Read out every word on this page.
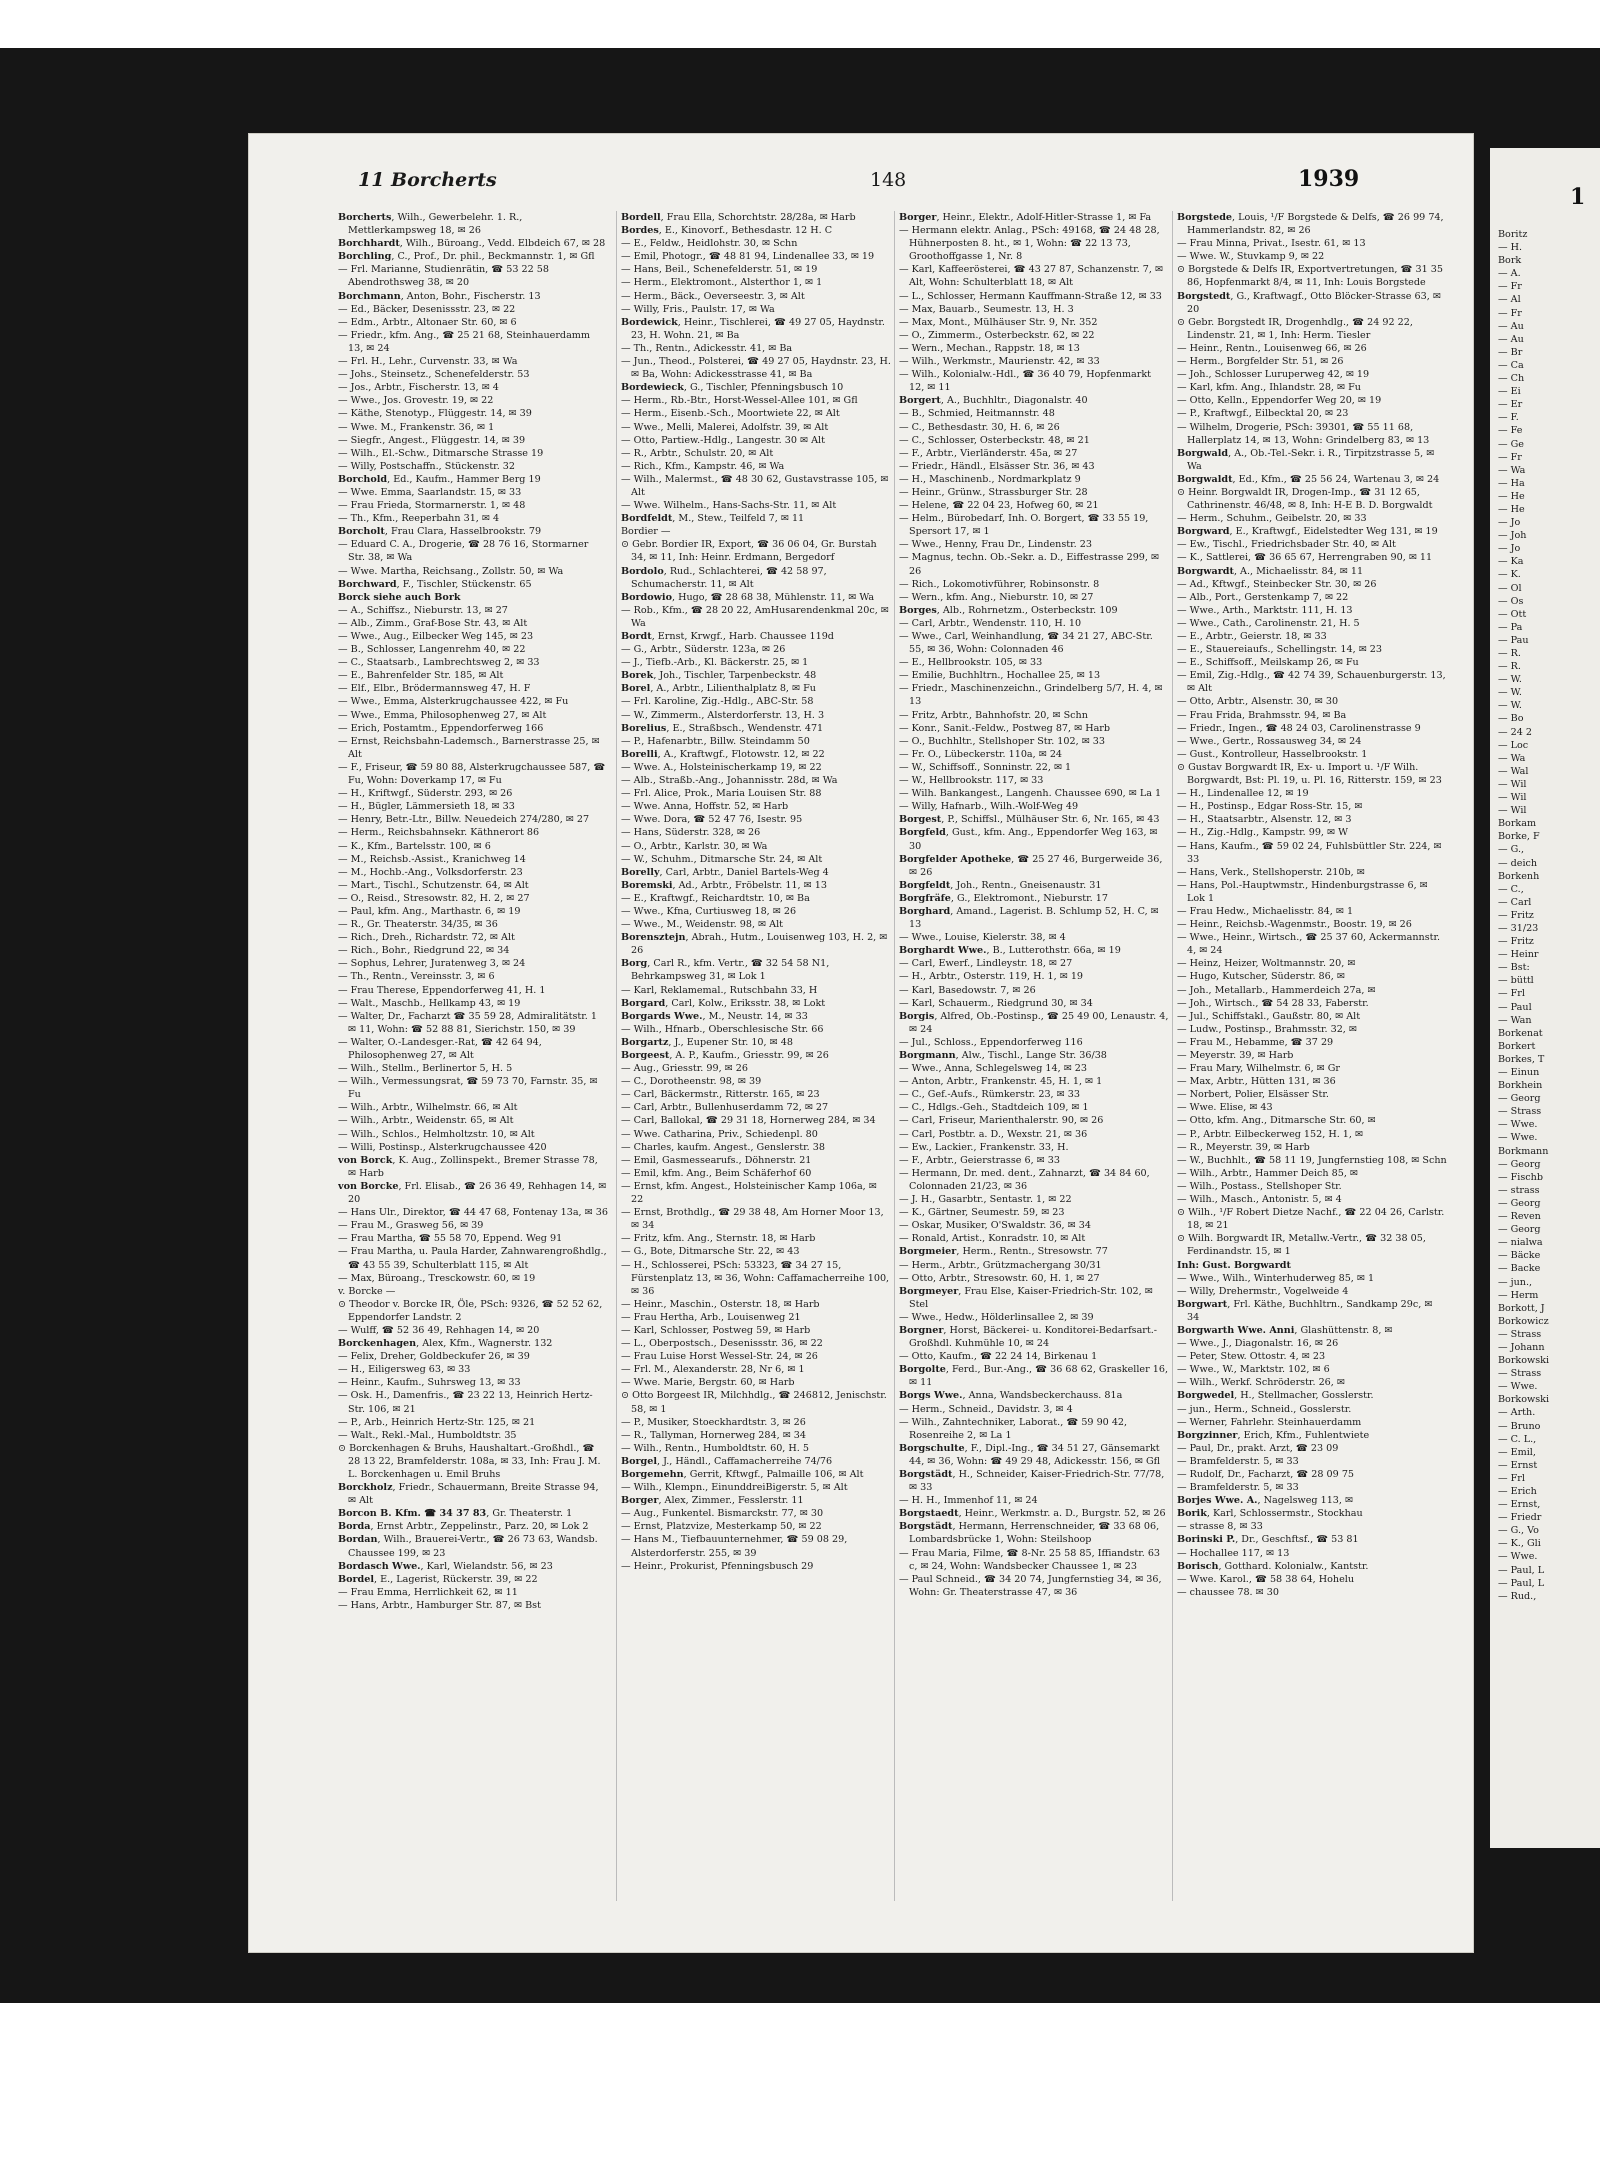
11 Borcherts	148	1939

Borcherts, Wilh., Gewerbelehr. 1. R., Mettlerkampsweg 18, ✉ 26

Borchhardt, Wilh., Büroang., Vedd. Elbdeich 67, ✉ 28

Borchling, C., Prof., Dr. phil., Beckmannstr. 1, ✉ Gfl

— Frl. Marianne, Studienrätin, ☎ 53 22 58 Abendrothsweg 38, ✉ 20

Borchmann, Anton, Bohr., Fischerstr. 13

— Ed., Bäcker, Desenissstr. 23, ✉ 22

— Edm., Arbtr., Altonaer Str. 60, ✉ 6

— Friedr., kfm. Ang., ☎ 25 21 68, Steinhauerdamm 13, ✉ 24

— Frl. H., Lehr., Curvenstr. 33, ✉ Wa

— Johs., Steinsetz., Schenefelderstr. 53

— Jos., Arbtr., Fischerstr. 13, ✉ 4

— Wwe., Jos. Grovestr. 19, ✉ 22

— Käthe, Stenotyp., Flüggestr. 14, ✉ 39

— Wwe. M., Frankenstr. 36, ✉ 1

— Siegfr., Angest., Flüggestr. 14, ✉ 39

— Wilh., El.-Schw., Ditmarsche Strasse 19

— Willy, Postschaffn., Stückenstr. 32

Borchold, Ed., Kaufm., Hammer Berg 19

— Wwe. Emma, Saarlandstr. 15, ✉ 33

— Frau Frieda, Stormarnerstr. 1, ✉ 48

— Th., Kfm., Reeperbahn 31, ✉ 4

Borcholt, Frau Clara, Hasselbrookstr. 79

— Eduard C. A., Drogerie, ☎ 28 76 16, Stormarner Str. 38, ✉ Wa

— Wwe. Martha, Reichsang., Zollstr. 50, ✉ Wa

Borchward, F., Tischler, Stückenstr. 65

Borck siehe auch Bork

— A., Schiffsz., Nieburstr. 13, ✉ 27

— Alb., Zimm., Graf-Bose Str. 43, ✉ Alt

— Wwe., Aug., Eilbecker Weg 145, ✉ 23

— B., Schlosser, Langenrehm 40, ✉ 22

— C., Staatsarb., Lambrechtsweg 2, ✉ 33

— E., Bahrenfelder Str. 185, ✉ Alt

— Elf., Elbr., Brödermannsweg 47, H. F

— Wwe., Emma, Alsterkrugchaussee 422, ✉ Fu

— Wwe., Emma, Philosophenweg 27, ✉ Alt

— Erich, Postamtm., Eppendorferweg 166

— Ernst, Reichsbahn-Lademsch., Barnerstrasse 25, ✉ Alt

— F., Friseur, ☎ 59 80 88, Alsterkrugchaussee 587, ☎ Fu, Wohn: Doverkamp 17, ✉ Fu

— H., Kriftwgf., Süderstr. 293, ✉ 26

— H., Bügler, Lämmersieth 18, ✉ 33

— Henry, Betr.-Ltr., Billw. Neuedeich 274/280, ✉ 27

— Herm., Reichsbahnsekr. Käthnerort 86

— K., Kfm., Bartelsstr. 100, ✉ 6

— M., Reichsb.-Assist., Kranichweg 14

— M., Hochb.-Ang., Volksdorferstr. 23

— Mart., Tischl., Schutzenstr. 64, ✉ Alt

— O., Reisd., Stresowstr. 82, H. 2, ✉ 27

— Paul, kfm. Ang., Marthastr. 6, ✉ 19

— R., Gr. Theaterstr. 34/35, ✉ 36

— Rich., Dreh., Richardstr. 72, ✉ Alt

— Rich., Bohr., Riedgrund 22, ✉ 34

— Sophus, Lehrer, Juratenweg 3, ✉ 24

— Th., Rentn., Vereinsstr. 3, ✉ 6

— Frau Therese, Eppendorferweg 41, H. 1

— Walt., Maschb., Hellkamp 43, ✉ 19

— Walter, Dr., Facharzt ☎ 35 59 28, Admiralitätstr. 1 ✉ 11, Wohn: ☎ 52 88 81, Sierichstr. 150, ✉ 39

— Walter, O.-Landesger.-Rat, ☎ 42 64 94, Philosophenweg 27, ✉ Alt

— Wilh., Stellm., Berlinertor 5, H. 5

— Wilh., Vermessungsrat, ☎ 59 73 70, Farnstr. 35, ✉ Fu

— Wilh., Arbtr., Wilhelmstr. 66, ✉ Alt

— Wilh., Arbtr., Weidenstr. 65, ✉ Alt

— Wilh., Schlos., Helmholtzstr. 10, ✉ Alt

— Willi, Postinsp., Alsterkrugchaussee 420

von Borck, K. Aug., Zollinspekt., Bremer Strasse 78, ✉ Harb

von Borcke, Frl. Elisab., ☎ 26 36 49, Rehhagen 14, ✉ 20

— Hans Ulr., Direktor, ☎ 44 47 68, Fontenay 13a, ✉ 36

— Frau M., Grasweg 56, ✉ 39

— Frau Martha, ☎ 55 58 70, Eppend. Weg 91

— Frau Martha, u. Paula Harder, Zahnwarengroßhdlg., ☎ 43 55 39, Schulterblatt 115, ✉ Alt

— Max, Büroang., Tresckowstr. 60, ✉ 19

v. Borcke —

⊙ Theodor v. Borcke IR, Öle, PSch: 9326, ☎ 52 52 62, Eppendorfer Landstr. 2

— Wulff, ☎ 52 36 49, Rehhagen 14, ✉ 20

Borckenhagen, Alex, Kfm., Wagnerstr. 132

— Felix, Dreher, Goldbeckufer 26, ✉ 39

— H., Eiligersweg 63, ✉ 33

— Heinr., Kaufm., Suhrsweg 13, ✉ 33

— Osk. H., Damenfris., ☎ 23 22 13, Heinrich Hertz-Str. 106, ✉ 21

— P., Arb., Heinrich Hertz-Str. 125, ✉ 21

— Walt., Rekl.-Mal., Humboldtstr. 35

⊙ Borckenhagen & Bruhs, Haushaltart.-Großhdl., ☎ 28 13 22, Bramfelderstr. 108a, ✉ 33, Inh: Frau J. M. L. Borckenhagen u. Emil Bruhs

Borckholz, Friedr., Schauermann, Breite Strasse 94, ✉ Alt

Borcon B. Kfm. ☎ 34 37 83, Gr. Theaterstr. 1

Borda, Ernst Arbtr., Zeppelinstr., Parz. 20, ✉ Lok 2

Bordan, Wilh., Brauerei-Vertr., ☎ 26 73 63, Wandsb. Chaussee 199, ✉ 23

Bordasch Wwe., Karl, Wielandstr. 56, ✉ 23

Bordel, E., Lagerist, Rückerstr. 39, ✉ 22

— Frau Emma, Herrlichkeit 62, ✉ 11

— Hans, Arbtr., Hamburger Str. 87, ✉ Bst

Bordell, Frau Ella, Schorchtstr. 28/28a, ✉ Harb

Bordes, E., Kinovorf., Bethesdastr. 12 H. C

— E., Feldw., Heidlohstr. 30, ✉ Schn

— Emil, Photogr., ☎ 48 81 94, Lindenallee 33, ✉ 19

— Hans, Beil., Schenefelderstr. 51, ✉ 19

— Herm., Elektromont., Alsterthor 1, ✉ 1

— Herm., Bäck., Oeverseestr. 3, ✉ Alt

— Willy, Fris., Paulstr. 17, ✉ Wa

Bordewick, Heinr., Tischlerei, ☎ 49 27 05, Haydnstr. 23, H. Wohn. 21, ✉ Ba

— Th., Rentn., Adickesstr. 41, ✉ Ba

— Jun., Theod., Polsterei, ☎ 49 27 05, Haydnstr. 23, H. ✉ Ba, Wohn: Adickesstrasse 41, ✉ Ba

Bordewieck, G., Tischler, Pfenningsbusch 10

— Herm., Rb.-Btr., Horst-Wessel-Allee 101, ✉ Gfl

— Herm., Eisenb.-Sch., Moortwiete 22, ✉ Alt

— Wwe., Melli, Malerei, Adolfstr. 39, ✉ Alt

— Otto, Partiew.-Hdlg., Langestr. 30 ✉ Alt

— R., Arbtr., Schulstr. 20, ✉ Alt

— Rich., Kfm., Kampstr. 46, ✉ Wa

— Wilh., Malermst., ☎ 48 30 62, Gustavstrasse 105, ✉ Alt

— Wwe. Wilhelm., Hans-Sachs-Str. 11, ✉ Alt

Bordfeldt, M., Stew., Teilfeld 7, ✉ 11

Bordier —

⊙ Gebr. Bordier IR, Export, ☎ 36 06 04, Gr. Burstah 34, ✉ 11, Inh: Heinr. Erdmann, Bergedorf

Bordolo, Rud., Schlachterei, ☎ 42 58 97, Schumacherstr. 11, ✉ Alt

Bordowio, Hugo, ☎ 28 68 38, Mühlenstr. 11, ✉ Wa

— Rob., Kfm., ☎ 28 20 22, AmHusarendenkmal 20c, ✉ Wa

Bordt, Ernst, Krwgf., Harb. Chaussee 119d

— G., Arbtr., Süderstr. 123a, ✉ 26

— J., Tiefb.-Arb., Kl. Bäckerstr. 25, ✉ 1

Borek, Joh., Tischler, Tarpenbeckstr. 48

Borel, A., Arbtr., Lilienthalplatz 8, ✉ Fu

— Frl. Karoline, Zig.-Hdlg., ABC-Str. 58

— W., Zimmerm., Alsterdorferstr. 13, H. 3

Borelius, E., Straßbsch., Wendenstr. 471

— P., Hafenarbtr., Billw. Steindamm 50

Borelli, A., Kraftwgf., Flotowstr. 12, ✉ 22

— Wwe. A., Holsteinischerkamp 19, ✉ 22

— Alb., Straßb.-Ang., Johannisstr. 28d, ✉ Wa

— Frl. Alice, Prok., Maria Louisen Str. 88

— Wwe. Anna, Hoffstr. 52, ✉ Harb

— Wwe. Dora, ☎ 52 47 76, Isestr. 95

— Hans, Süderstr. 328, ✉ 26

— O., Arbtr., Karlstr. 30, ✉ Wa

— W., Schuhm., Ditmarsche Str. 24, ✉ Alt

Borelly, Carl, Arbtr., Daniel Bartels-Weg 4

Boremski, Ad., Arbtr., Fröbelstr. 11, ✉ 13

— E., Kraftwgf., Reichardtstr. 10, ✉ Ba

— Wwe., Kfna, Curtiusweg 18, ✉ 26

— Wwe., M., Weidenstr. 98, ✉ Alt

Borensztejn, Abrah., Hutm., Louisenweg 103, H. 2, ✉ 26

Borg, Carl R., kfm. Vertr., ☎ 32 54 58 N1, Behrkampsweg 31, ✉ Lok 1

— Karl, Reklamemal., Rutschbahn 33, H

Borgard, Carl, Kolw., Eriksstr. 38, ✉ Lokt

Borgards Wwe., M., Neustr. 14, ✉ 33

— Wilh., Hfnarb., Oberschlesische Str. 66

Borgartz, J., Eupener Str. 10, ✉ 48

Borgeest, A. P., Kaufm., Griesstr. 99, ✉ 26

— Aug., Griesstr. 99, ✉ 26

— C., Dorotheenstr. 98, ✉ 39

— Carl, Bäckermstr., Ritterstr. 165, ✉ 23

— Carl, Arbtr., Bullenhuserdamm 72, ✉ 27

— Carl, Ballokal, ☎ 29 31 18, Hornerweg 284, ✉ 34

— Wwe. Catharina, Priv., Schiedenpl. 80

— Charles, kaufm. Angest., Genslerstr. 38

— Emil, Gasmessearufs., Döhnerstr. 21

— Emil, kfm. Ang., Beim Schäferhof 60

— Ernst, kfm. Angest., Holsteinischer Kamp 106a, ✉ 22

— Ernst, Brothdlg., ☎ 29 38 48, Am Horner Moor 13, ✉ 34

— Fritz, kfm. Ang., Sternstr. 18, ✉ Harb

— G., Bote, Ditmarsche Str. 22, ✉ 43

— H., Schlosserei, PSch: 53323, ☎ 34 27 15, Fürstenplatz 13, ✉ 36, Wohn: Caffamacherreihe 100, ✉ 36

— Heinr., Maschin., Osterstr. 18, ✉ Harb

— Frau Hertha, Arb., Louisenweg 21

— Karl, Schlosser, Postweg 59, ✉ Harb

— L., Oberpostsch., Desenissstr. 36, ✉ 22

— Frau Luise Horst Wessel-Str. 24, ✉ 26

— Frl. M., Alexanderstr. 28, Nr 6, ✉ 1

— Wwe. Marie, Bergstr. 60, ✉ Harb

⊙ Otto Borgeest IR, Milchhdlg., ☎ 246812, Jenischstr. 58, ✉ 1

— P., Musiker, Stoeckhardtstr. 3, ✉ 26

— R., Tallyman, Hornerweg 284, ✉ 34

— Wilh., Rentn., Humboldtstr. 60, H. 5

Borgel, J., Händl., Caffamacherreihe 74/76

Borgemehn, Gerrit, Kftwgf., Palmaille 106, ✉ Alt

— Wilh., Klempn., EinunddreiBigerstr. 5, ✉ Alt

Borger, Alex, Zimmer., Fesslerstr. 11

— Aug., Funkentel. Bismarckstr. 77, ✉ 30

— Ernst, Platzvize, Mesterkamp 50, ✉ 22

— Hans M., Tiefbauunternehmer, ☎ 59 08 29, Alsterdorferstr. 255, ✉ 39

— Heinr., Prokurist, Pfenningsbusch 29

Borger, Heinr., Elektr., Adolf-Hitler-Strasse 1, ✉ Fa

— Hermann elektr. Anlag., PSch: 49168, ☎ 24 48 28, Hühnerposten 8. ht., ✉ 1, Wohn: ☎ 22 13 73, Groothoffgasse 1, Nr. 8

— Karl, Kaffeerösterei, ☎ 43 27 87, Schanzenstr. 7, ✉ Alt, Wohn: Schulterblatt 18, ✉ Alt

— L., Schlosser, Hermann Kauffmann-Straße 12, ✉ 33

— Max, Bauarb., Seumestr. 13, H. 3

— Max, Mont., Mülhäuser Str. 9, Nr. 352

— O., Zimmerm., Osterbeckstr. 62, ✉ 22

— Wern., Mechan., Rappstr. 18, ✉ 13

— Wilh., Werkmstr., Maurienstr. 42, ✉ 33

— Wilh., Kolonialw.-Hdl., ☎ 36 40 79, Hopfenmarkt 12, ✉ 11

Borgert, A., Buchhltr., Diagonalstr. 40

— B., Schmied, Heitmannstr. 48

— C., Bethesdastr. 30, H. 6, ✉ 26

— C., Schlosser, Osterbeckstr. 48, ✉ 21

— F., Arbtr., Vierländerstr. 45a, ✉ 27

— Friedr., Händl., Elsässer Str. 36, ✉ 43

— H., Maschinenb., Nordmarkplatz 9

— Heinr., Grünw., Strassburger Str. 28

— Helene, ☎ 22 04 23, Hofweg 60, ✉ 21

— Helm., Bürobedarf, Inh. O. Borgert, ☎ 33 55 19, Spersort 17, ✉ 1

— Wwe., Henny, Frau Dr., Lindenstr. 23

— Magnus, techn. Ob.-Sekr. a. D., Eiffestrasse 299, ✉ 26

— Rich., Lokomotivführer, Robinsonstr. 8

— Wern., kfm. Ang., Nieburstr. 10, ✉ 27

Borges, Alb., Rohrnetzm., Osterbeckstr. 109

— Carl, Arbtr., Wendenstr. 110, H. 10

— Wwe., Carl, Weinhandlung, ☎ 34 21 27, ABC-Str. 55, ✉ 36, Wohn: Colonnaden 46

— E., Hellbrookstr. 105, ✉ 33

— Emilie, Buchhltrn., Hochallee 25, ✉ 13

— Friedr., Maschinenzeichn., Grindelberg 5/7, H. 4, ✉ 13

— Fritz, Arbtr., Bahnhofstr. 20, ✉ Schn

— Konr., Sanit.-Feldw., Postweg 87, ✉ Harb

— O., Buchhltr., Stellshoper Str. 102, ✉ 33

— Fr. O., Lübeckerstr. 110a, ✉ 24

— W., Schiffsoff., Sonninstr. 22, ✉ 1

— W., Hellbrookstr. 117, ✉ 33

— Wilh. Bankangest., Langenh. Chaussee 690, ✉ La 1

— Willy, Hafnarb., Wilh.-Wolf-Weg 49

Borgest, P., Schiffsl., Mülhäuser Str. 6, Nr. 165, ✉ 43

Borgfeld, Gust., kfm. Ang., Eppendorfer Weg 163, ✉ 30

Borgfelder Apotheke, ☎ 25 27 46, Burgerweide 36, ✉ 26

Borgfeldt, Joh., Rentn., Gneisenaustr. 31

Borgfräfe, G., Elektromont., Nieburstr. 17

Borghard, Amand., Lagerist. B. Schlump 52, H. C, ✉ 13

— Wwe., Louise, Kielerstr. 38, ✉ 4

Borghardt Wwe., B., Lutterothstr. 66a, ✉ 19

— Carl, Ewerf., Lindleystr. 18, ✉ 27

— H., Arbtr., Osterstr. 119, H. 1, ✉ 19

— Karl, Basedowstr. 7, ✉ 26

— Karl, Schauerm., Riedgrund 30, ✉ 34

Borgis, Alfred, Ob.-Postinsp., ☎ 25 49 00, Lenaustr. 4, ✉ 24

— Jul., Schloss., Eppendorferweg 116

Borgmann, Alw., Tischl., Lange Str. 36/38

— Wwe., Anna, Schlegelsweg 14, ✉ 23

— Anton, Arbtr., Frankenstr. 45, H. 1, ✉ 1

— C., Gef.-Aufs., Rümkerstr. 23, ✉ 33

— C., Hdlgs.-Geh., Stadtdeich 109, ✉ 1

— Carl, Friseur, Marienthalerstr. 90, ✉ 26

— Carl, Postbtr. a. D., Wexstr. 21, ✉ 36

— Ew., Lackier., Frankenstr. 33, H.

— F., Arbtr., Geierstrasse 6, ✉ 33

— Hermann, Dr. med. dent., Zahnarzt, ☎ 34 84 60, Colonnaden 21/23, ✉ 36

— J. H., Gasarbtr., Sentastr. 1, ✉ 22

— K., Gärtner, Seumestr. 59, ✉ 23

— Oskar, Musiker, O'Swaldstr. 36, ✉ 34

— Ronald, Artist., Konradstr. 10, ✉ Alt

Borgmeier, Herm., Rentn., Stresowstr. 77

— Herm., Arbtr., Grützmachergang 30/31

— Otto, Arbtr., Stresowstr. 60, H. 1, ✉ 27

Borgmeyer, Frau Else, Kaiser-Friedrich-Str. 102, ✉ Stel

— Wwe., Hedw., Hölderlinsallee 2, ✉ 39

Borgner, Horst, Bäckerei- u. Konditorei-Bedarfsart.-Großhdl. Kuhmühle 10, ✉ 24

— Otto, Kaufm., ☎ 22 24 14, Birkenau 1

Borgolte, Ferd., Bur.-Ang., ☎ 36 68 62, Graskeller 16, ✉ 11

Borgs Wwe., Anna, Wandsbeckerchauss. 81a

— Herm., Schneid., Davidstr. 3, ✉ 4

— Wilh., Zahntechniker, Laborat., ☎ 59 90 42, Rosenreihe 2, ✉ La 1

Borgschulte, F., Dipl.-Ing., ☎ 34 51 27, Gänsemarkt 44, ✉ 36, Wohn: ☎ 49 29 48, Adickesstr. 156, ✉ Gfl

Borgstädt, H., Schneider, Kaiser-Friedrich-Str. 77/78, ✉ 33

— H. H., Immenhof 11, ✉ 24

Borgstaedt, Heinr., Werkmstr. a. D., Burgstr. 52, ✉ 26

Borgstädt, Hermann, Herrenschneider, ☎ 33 68 06, Lombardsbrücke 1, Wohn: Steilshoop

— Frau Maria, Filme, ☎ 8-Nr. 25 58 85, Iffiandstr. 63 c, ✉ 24, Wohn: Wandsbecker Chaussee 1, ✉ 23

— Paul Schneid., ☎ 34 20 74, Jungfernstieg 34, ✉ 36, Wohn: Gr. Theaterstrasse 47, ✉ 36

Borgstede, Louis, ¹/F Borgstede & Delfs, ☎ 26 99 74, Hammerlandstr. 82, ✉ 26

— Frau Minna, Privat., Isestr. 61, ✉ 13

— Wwe. W., Stuvkamp 9, ✉ 22

⊙ Borgstede & Delfs IR, Exportvertretungen, ☎ 31 35 86, Hopfenmarkt 8/4, ✉ 11, Inh: Louis Borgstede

Borgstedt, G., Kraftwagf., Otto Blöcker-Strasse 63, ✉ 20

⊙ Gebr. Borgstedt IR, Drogenhdlg., ☎ 24 92 22, Lindenstr. 21, ✉ 1, Inh: Herm. Tiesler

— Heinr., Rentn., Louisenweg 66, ✉ 26

— Herm., Borgfelder Str. 51, ✉ 26

— Joh., Schlosser Luruperweg 42, ✉ 19

— Karl, kfm. Ang., Ihlandstr. 28, ✉ Fu

— Otto, Kelln., Eppendorfer Weg 20, ✉ 19

— P., Kraftwgf., Eilbecktal 20, ✉ 23

— Wilhelm, Drogerie, PSch: 39301, ☎ 55 11 68, Hallerplatz 14, ✉ 13, Wohn: Grindelberg 83, ✉ 13

Borgwald, A., Ob.-Tel.-Sekr. i. R., Tirpitzstrasse 5, ✉ Wa

Borgwaldt, Ed., Kfm., ☎ 25 56 24, Wartenau 3, ✉ 24

⊙ Heinr. Borgwaldt IR, Drogen-Imp., ☎ 31 12 65, Cathrinenstr. 46/48, ✉ 8, Inh: H-E B. D. Borgwaldt

— Herm., Schuhm., Geibelstr. 20, ✉ 33

Borgward, E., Kraftwgf., Eidelstedter Weg 131, ✉ 19

— Ew., Tischl., Friedrichsbader Str. 40, ✉ Alt

— K., Sattlerei, ☎ 36 65 67, Herrengraben 90, ✉ 11

Borgwardt, A., Michaelisstr. 84, ✉ 11

— Ad., Kftwgf., Steinbecker Str. 30, ✉ 26

— Alb., Port., Gerstenkamp 7, ✉ 22

— Wwe., Arth., Marktstr. 111, H. 13

— Wwe., Cath., Carolinenstr. 21, H. 5

— E., Arbtr., Geierstr. 18, ✉ 33

— E., Stauereiaufs., Schellingstr. 14, ✉ 23

— E., Schiffsoff., Meilskamp 26, ✉ Fu

— Emil, Zig.-Hdlg., ☎ 42 74 39, Schauenburgerstr. 13, ✉ Alt

— Otto, Arbtr., Alsenstr. 30, ✉ 30

— Frau Frida, Brahmsstr. 94, ✉ Ba

— Friedr., Ingen., ☎ 48 24 03, Carolinenstrasse 9

— Wwe., Gertr., Rossausweg 34, ✉ 24

— Gust., Kontrolleur, Hasselbrookstr. 1

⊙ Gustav Borgwardt IR, Ex- u. Import u. ¹/F Wilh. Borgwardt, Bst: Pl. 19, u. Pl. 16, Ritterstr. 159, ✉ 23

— H., Lindenallee 12, ✉ 19

— H., Postinsp., Edgar Ross-Str. 15, ✉

— H., Staatsarbtr., Alsenstr. 12, ✉ 3

— H., Zig.-Hdlg., Kampstr. 99, ✉ W

— Hans, Kaufm., ☎ 59 02 24, Fuhlsbüttler Str. 224, ✉ 33

— Hans, Verk., Stellshoperstr. 210b, ✉

— Hans, Pol.-Hauptwmstr., Hindenburgstrasse 6, ✉ Lok 1

— Frau Hedw., Michaelisstr. 84, ✉ 1

— Heinr., Reichsb.-Wagenmstr., Boostr. 19, ✉ 26

— Wwe., Heinr., Wirtsch., ☎ 25 37 60, Ackermannstr. 4, ✉ 24

— Heinz, Heizer, Woltmannstr. 20, ✉

— Hugo, Kutscher, Süderstr. 86, ✉

— Joh., Metallarb., Hammerdeich 27a, ✉

— Joh., Wirtsch., ☎ 54 28 33, Faberstr.

— Jul., Schiffstakl., Gaußstr. 80, ✉ Alt

— Ludw., Postinsp., Brahmsstr. 32, ✉

— Frau M., Hebamme, ☎ 37 29

— Meyerstr. 39, ✉ Harb

— Frau Mary, Wilhelmstr. 6, ✉ Gr

— Max, Arbtr., Hütten 131, ✉ 36

— Norbert, Polier, Elsässer Str.

— Wwe. Elise, ✉ 43

— Otto, kfm. Ang., Ditmarsche Str. 60, ✉

— P., Arbtr. Eilbeckerweg 152, H. 1, ✉

— R., Meyerstr. 39, ✉ Harb

— W., Buchhlt., ☎ 58 11 19, Jungfernstieg 108, ✉ Schn

— Wilh., Arbtr., Hammer Deich 85, ✉

— Wilh., Postass., Stellshoper Str.

— Wilh., Masch., Antonistr. 5, ✉ 4

⊙ Wilh., ¹/F Robert Dietze Nachf., ☎ 22 04 26, Carlstr. 18, ✉ 21

⊙ Wilh. Borgwardt IR, Metallw.-Vertr., ☎ 32 38 05, Ferdinandstr. 15, ✉ 1

Inh: Gust. Borgwardt

— Wwe., Wilh., Winterhuderweg 85, ✉ 1

— Willy, Drehermstr., Vogelweide 4

Borgwart, Frl. Käthe, Buchhltrn., Sandkamp 29c, ✉ 34

Borgwarth Wwe. Anni, Glashüttenstr. 8, ✉

— Wwe., J., Diagonalstr. 16, ✉ 26

— Peter, Stew. Ottostr. 4, ✉ 23

— Wwe., W., Marktstr. 102, ✉ 6

— Wilh., Werkf. Schröderstr. 26, ✉

Borgwedel, H., Stellmacher, Gosslerstr.

— jun., Herm., Schneid., Gosslerstr.

— Werner, Fahrlehr. Steinhauerdamm

Borgzinner, Erich, Kfm., Fuhlentwiete

— Paul, Dr., prakt. Arzt, ☎ 23 09

— Bramfelderstr. 5, ✉ 33

— Rudolf, Dr., Facharzt, ☎ 28 09 75

— Bramfelderstr. 5, ✉ 33

Borjes Wwe. A., Nagelsweg 113, ✉

Borik, Karl, Schlossermstr., Stockhau

— strasse 8, ✉ 33

Borinski P., Dr., Geschftsf., ☎ 53 81

— Hochallee 117, ✉ 13

Borisch, Gotthard. Kolonialw., Kantstr.

— Wwe. Karol., ☎ 58 38 64, Hohelu

— chaussee 78. ✉ 30

1

Boritz

— H.

Bork

— A.

— Fr

— Al

— Fr

— Au

— Au

— Br

— Ca

— Ch

— Ei

— Er

— F.

— Fe

— Ge

— Fr

— Wa

— Ha

— He

— He

— Jo

— Joh

— Jo

— Ka

— K.

— Ol

— Os

— Ott

— Pa

— Pau

— R.

— R.

— W.

— W.

— W.

— Bo

— 24 2

— Loc

— Wa

— Wal

— Wil

— Wil

— Wil

Borkam

Borke, F

— G.,

— deich

Borkenh

— C.,

— Carl

— Fritz

— 31/23

— Fritz

— Heinr

— Bst:

— büttl

— Frl

— Paul

— Wan

Borkenat

Borkert

Borkes, T

— Einun

Borkhein

— Georg

— Strass

— Wwe.

— Wwe.

Borkmann

— Georg

— Fischb

— strass

— Georg

— Reven

— Georg

— nialwa

— Bäcke

— Backe

— jun.,

— Herm

Borkott, J

Borkowicz

— Strass

— Johann

Borkowski

— Strass

— Wwe.

Borkowski

— Arth.

— Bruno

— C. L.,

— Emil,

— Ernst

— Frl

— Erich

— Ernst,

— Friedr

— G., Vo

— K., Gli

— Wwe.

— Paul, L

— Paul, L

— Rud.,
